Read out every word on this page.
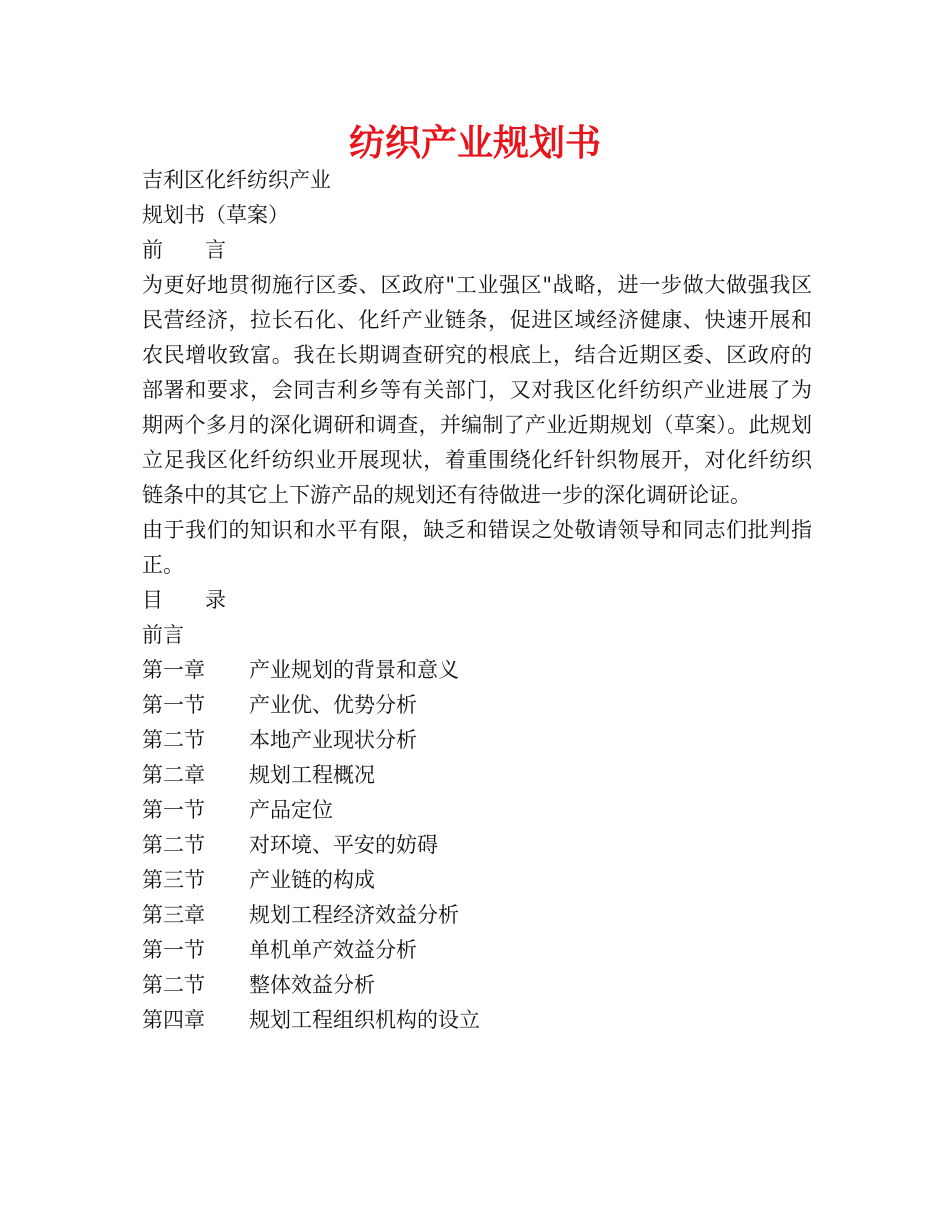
纺织产业规划书

吉利区化纤纺织产业

规划书（草案）

前　　言

为更好地贯彻施行区委、区政府"工业强区"战略，进一步做大做强我区民营经济，拉长石化、化纤产业链条，促进区域经济健康、快速开展和农民增收致富。我在长期调查研究的根底上，结合近期区委、区政府的部署和要求，会同吉利乡等有关部门，又对我区化纤纺织产业进展了为期两个多月的深化调研和调查，并编制了产业近期规划（草案）。此规划立足我区化纤纺织业开展现状，着重围绕化纤针织物展开，对化纤纺织链条中的其它上下游产品的规划还有待做进一步的深化调研论证。

由于我们的知识和水平有限，缺乏和错误之处敬请领导和同志们批判指正。

目　　录

前言

第一章	产业规划的背景和意义
第一节	产业优、优势分析
第二节	本地产业现状分析
第二章	规划工程概况
第一节	产品定位
第二节	对环境、平安的妨碍
第三节	产业链的构成
第三章	规划工程经济效益分析
第一节	单机单产效益分析
第二节	整体效益分析
第四章	规划工程组织机构的设立
